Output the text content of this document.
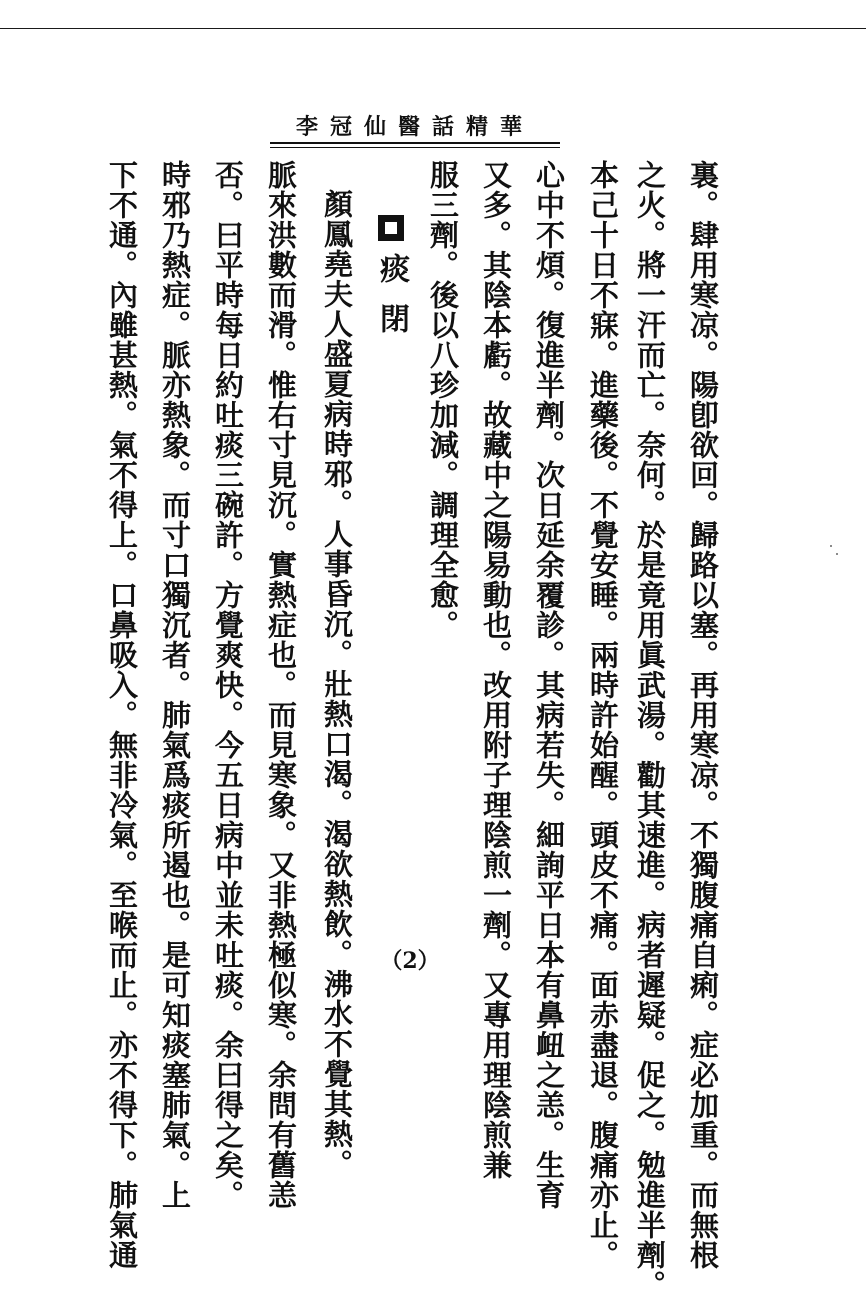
李冠仙醫話精華
裏。肆用寒凉。陽卽欲回。歸路以塞。再用寒凉。不獨腹痛自痢。症必加重。而無根
之火。將一汗而亡。奈何。於是竟用眞武湯。勸其速進。病者遲疑。促之。勉進半劑。
本己十日不寐。進藥後。不覺安睡。兩時許始醒。頭皮不痛。面赤盡退。腹痛亦止。
心中不煩。復進半劑。次日延余覆診。其病若失。細詢平日本有鼻衄之恙。生育
又多。其陰本虧。故藏中之陽易動也。改用附子理陰煎一劑。又專用理陰煎兼
服三劑。後以八珍加減。調理全愈。
痰閉
顏鳳堯夫人盛夏病時邪。人事昏沉。壯熱口渴。渴欲熱飲。沸水不覺其熱。
脈來洪數而滑。惟右寸見沉。實熱症也。而見寒象。又非熱極似寒。余問有舊恙
否。曰平時每日約吐痰三碗許。方覺爽快。今五日病中並未吐痰。余曰得之矣。
時邪乃熱症。脈亦熱象。而寸口獨沉者。肺氣爲痰所遏也。是可知痰塞肺氣。上
下不通。內雖甚熱。氣不得上。口鼻吸入。無非冷氣。至喉而止。亦不得下。肺氣通	（2）
